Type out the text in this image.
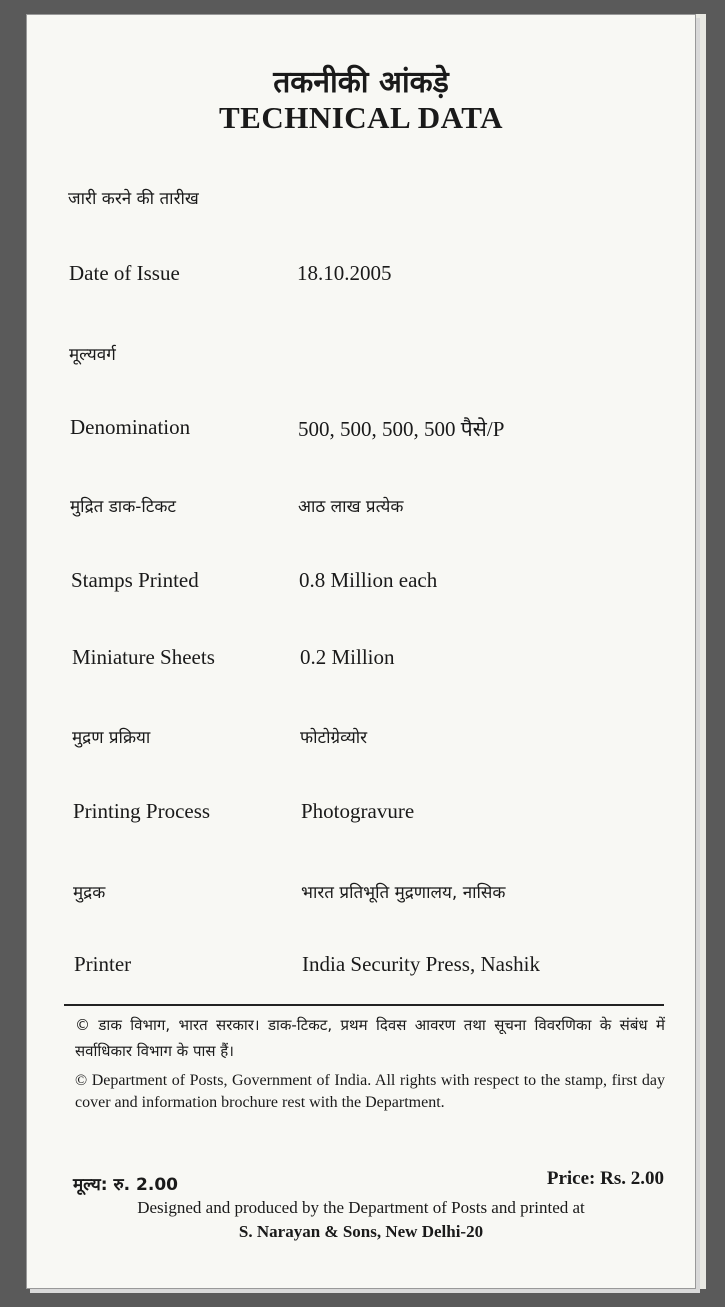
तकनीकी आंकड़े
TECHNICAL DATA
जारी करने की तारीख
Date of Issue	18.10.2005
मूल्यवर्ग
Denomination	500, 500, 500, 500 पैसे/P
मुद्रित डाक-टिकट	आठ लाख प्रत्येक
Stamps Printed	0.8 Million each
Miniature Sheets	0.2 Million
मुद्रण प्रक्रिया	फोटोग्रेव्योर
Printing Process	Photogravure
मुद्रक	भारत प्रतिभूति मुद्रणालय, नासिक
Printer	India Security Press, Nashik
© डाक विभाग, भारत सरकार। डाक-टिकट, प्रथम दिवस आवरण तथा सूचना विवरणिका के संबंध में सर्वाधिकार विभाग के पास हैं।
© Department of Posts, Government of India. All rights with respect to the stamp, first day cover and information brochure rest with the Department.
मूल्य: रु. 2.00	Price: Rs. 2.00
Designed and produced by the Department of Posts and printed at
S. Narayan & Sons, New Delhi-20
